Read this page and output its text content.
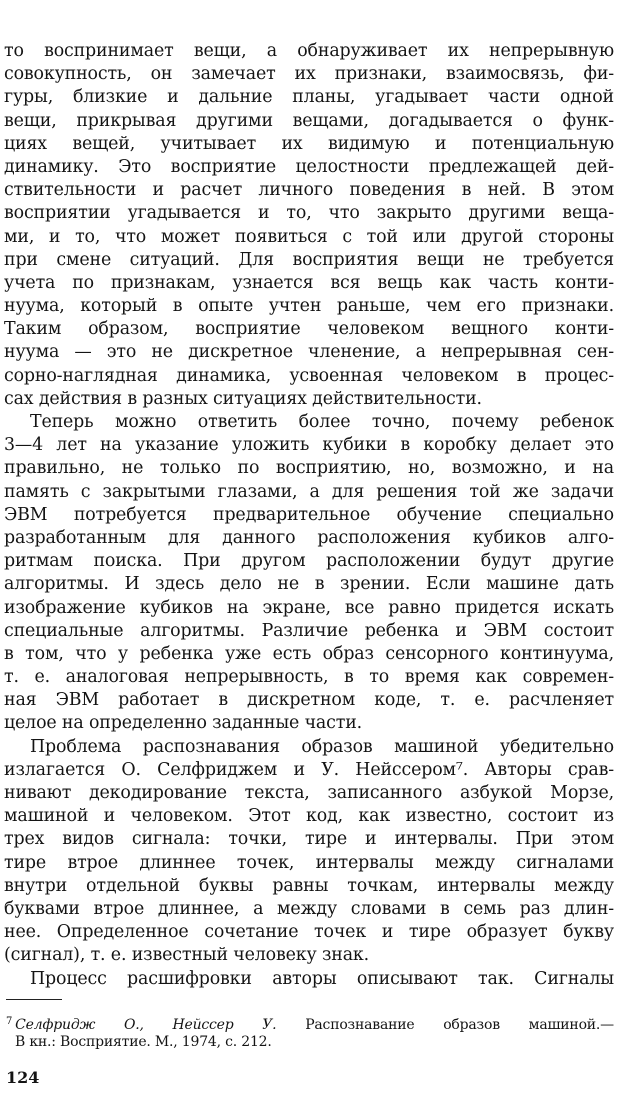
то воспринимает вещи, а обнаруживает их непрерывную
совокупность, он замечает их признаки, взаимосвязь, фи-
гуры, близкие и дальние планы, угадывает части одной
вещи, прикрывая другими вещами, догадывается о функ-
циях вещей, учитывает их видимую и потенциальную
динамику. Это восприятие целостности предлежащей дей-
ствительности и расчет личного поведения в ней. В этом
восприятии угадывается и то, что закрыто другими веща-
ми, и то, что может появиться с той или другой стороны
при смене ситуаций. Для восприятия вещи не требуется
учета по признакам, узнается вся вещь как часть конти-
нуума, который в опыте учтен раньше, чем его признаки.
Таким образом, восприятие человеком вещного конти-
нуума — это не дискретное членение, а непрерывная сен-
сорно-наглядная динамика, усвоенная человеком в процес-
сах действия в разных ситуациях действительности.
Теперь можно ответить более точно, почему ребенок
3—4 лет на указание уложить кубики в коробку делает это
правильно, не только по восприятию, но, возможно, и на
память с закрытыми глазами, а для решения той же задачи
ЭВМ потребуется предварительное обучение специально
разработанным для данного расположения кубиков алго-
ритмам поиска. При другом расположении будут другие
алгоритмы. И здесь дело не в зрении. Если машине дать
изображение кубиков на экране, все равно придется искать
специальные алгоритмы. Различие ребенка и ЭВМ состоит
в том, что у ребенка уже есть образ сенсорного континуума,
т. е. аналоговая непрерывность, в то время как современ-
ная ЭВМ работает в дискретном коде, т. е. расчленяет
целое на определенно заданные части.
Проблема распознавания образов машиной убедительно
излагается О. Селфриджем и У. Нейссером⁷. Авторы срав-
нивают декодирование текста, записанного азбукой Морзе,
машиной и человеком. Этот код, как известно, состоит из
трех видов сигнала: точки, тире и интервалы. При этом
тире втрое длиннее точек, интервалы между сигналами
внутри отдельной буквы равны точкам, интервалы между
буквами втрое длиннее, а между словами в семь раз длин-
нее. Определенное сочетание точек и тире образует букву
(сигнал), т. е. известный человеку знак.
Процесс расшифровки авторы описывают так. Сигналы
$^7$ Селфридж О., Нейссер У. Распознавание образов машиной.—
В кн.: Восприятие. М., 1974, с. 212.
124
